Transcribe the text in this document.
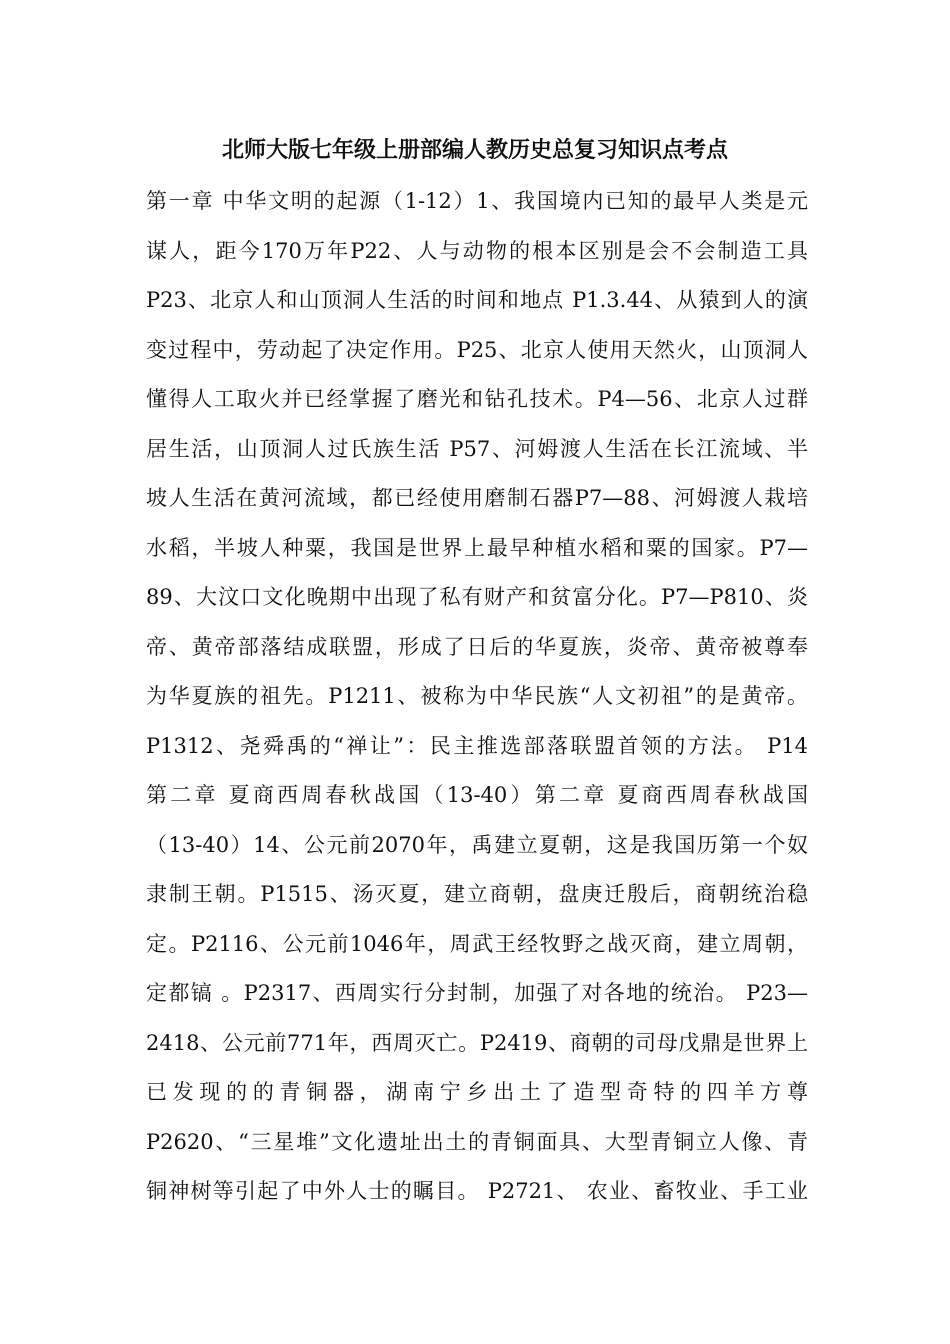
北师大版七年级上册部编人教历史总复习知识点考点
第一章 中华文明的起源（1-12）1、我国境内已知的最早人类是元
谋人，距今170万年P22、人与动物的根本区别是会不会制造工具
P23、北京人和山顶洞人生活的时间和地点 P1.3.44、从猿到人的演
变过程中，劳动起了决定作用。P25、北京人使用天然火，山顶洞人
懂得人工取火并已经掌握了磨光和钻孔技术。P4—56、北京人过群
居生活，山顶洞人过氏族生活 P57、河姆渡人生活在长江流域、半
坡人生活在黄河流域，都已经使用磨制石器P7—88、河姆渡人栽培
水稻，半坡人种粟，我国是世界上最早种植水稻和粟的国家。P7—
89、大汶口文化晚期中出现了私有财产和贫富分化。P7—P810、炎
帝、黄帝部落结成联盟，形成了日后的华夏族，炎帝、黄帝被尊奉
为华夏族的祖先。P1211、被称为中华民族“人文初祖”的是黄帝。
P1312、尧舜禹的“禅让”：民主推选部落联盟首领的方法。 P14
第二章 夏商西周春秋战国（13-40）第二章 夏商西周春秋战国
（13-40）14、公元前2070年，禹建立夏朝，这是我国历第一个奴
隶制王朝。P1515、汤灭夏，建立商朝，盘庚迁殷后，商朝统治稳
定。P2116、公元前1046年，周武王经牧野之战灭商，建立周朝，
定都镐 。P2317、西周实行分封制，加强了对各地的统治。 P23—
2418、公元前771年，西周灭亡。P2419、商朝的司母戊鼎是世界上
已发现的的青铜器，湖南宁乡出土了造型奇特的四羊方尊
P2620、“三星堆”文化遗址出土的青铜面具、大型青铜立人像、青
铜神树等引起了中外人士的瞩目。 P2721、 农业、畜牧业、手工业
